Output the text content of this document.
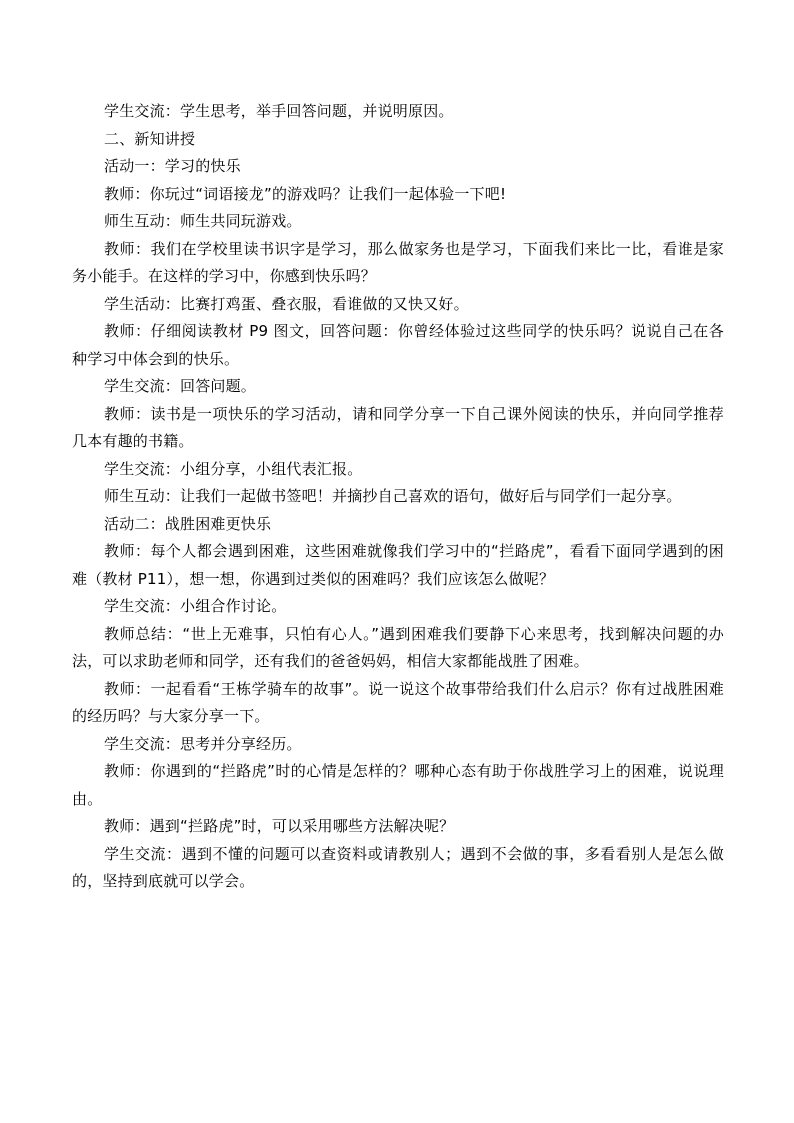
学生交流：学生思考，举手回答问题，并说明原因。

二、新知讲授

活动一：学习的快乐

教师：你玩过“词语接龙”的游戏吗？让我们一起体验一下吧!

师生互动：师生共同玩游戏。

教师：我们在学校里读书识字是学习，那么做家务也是学习，下面我们来比一比，看谁是家务小能手。在这样的学习中，你感到快乐吗？

学生活动：比赛打鸡蛋、叠衣服，看谁做的又快又好。

教师：仔细阅读教材 P9 图文，回答问题：你曾经体验过这些同学的快乐吗？说说自己在各种学习中体会到的快乐。

学生交流：回答问题。

教师：读书是一项快乐的学习活动，请和同学分享一下自己课外阅读的快乐，并向同学推荐几本有趣的书籍。

学生交流：小组分享，小组代表汇报。

师生互动：让我们一起做书签吧！并摘抄自己喜欢的语句，做好后与同学们一起分享。

活动二：战胜困难更快乐

教师：每个人都会遇到困难，这些困难就像我们学习中的“拦路虎”，看看下面同学遇到的困难（教材 P11），想一想，你遇到过类似的困难吗？我们应该怎么做呢？

学生交流：小组合作讨论。

教师总结：“世上无难事，只怕有心人。”遇到困难我们要静下心来思考，找到解决问题的办法，可以求助老师和同学，还有我们的爸爸妈妈，相信大家都能战胜了困难。

教师：一起看看“王栋学骑车的故事”。说一说这个故事带给我们什么启示？你有过战胜困难的经历吗？与大家分享一下。

学生交流：思考并分享经历。

教师：你遇到的“拦路虎”时的心情是怎样的？哪种心态有助于你战胜学习上的困难，说说理由。

教师：遇到“拦路虎”时，可以采用哪些方法解决呢？

学生交流：遇到不懂的问题可以查资料或请教别人；遇到不会做的事，多看看别人是怎么做的，坚持到底就可以学会。
